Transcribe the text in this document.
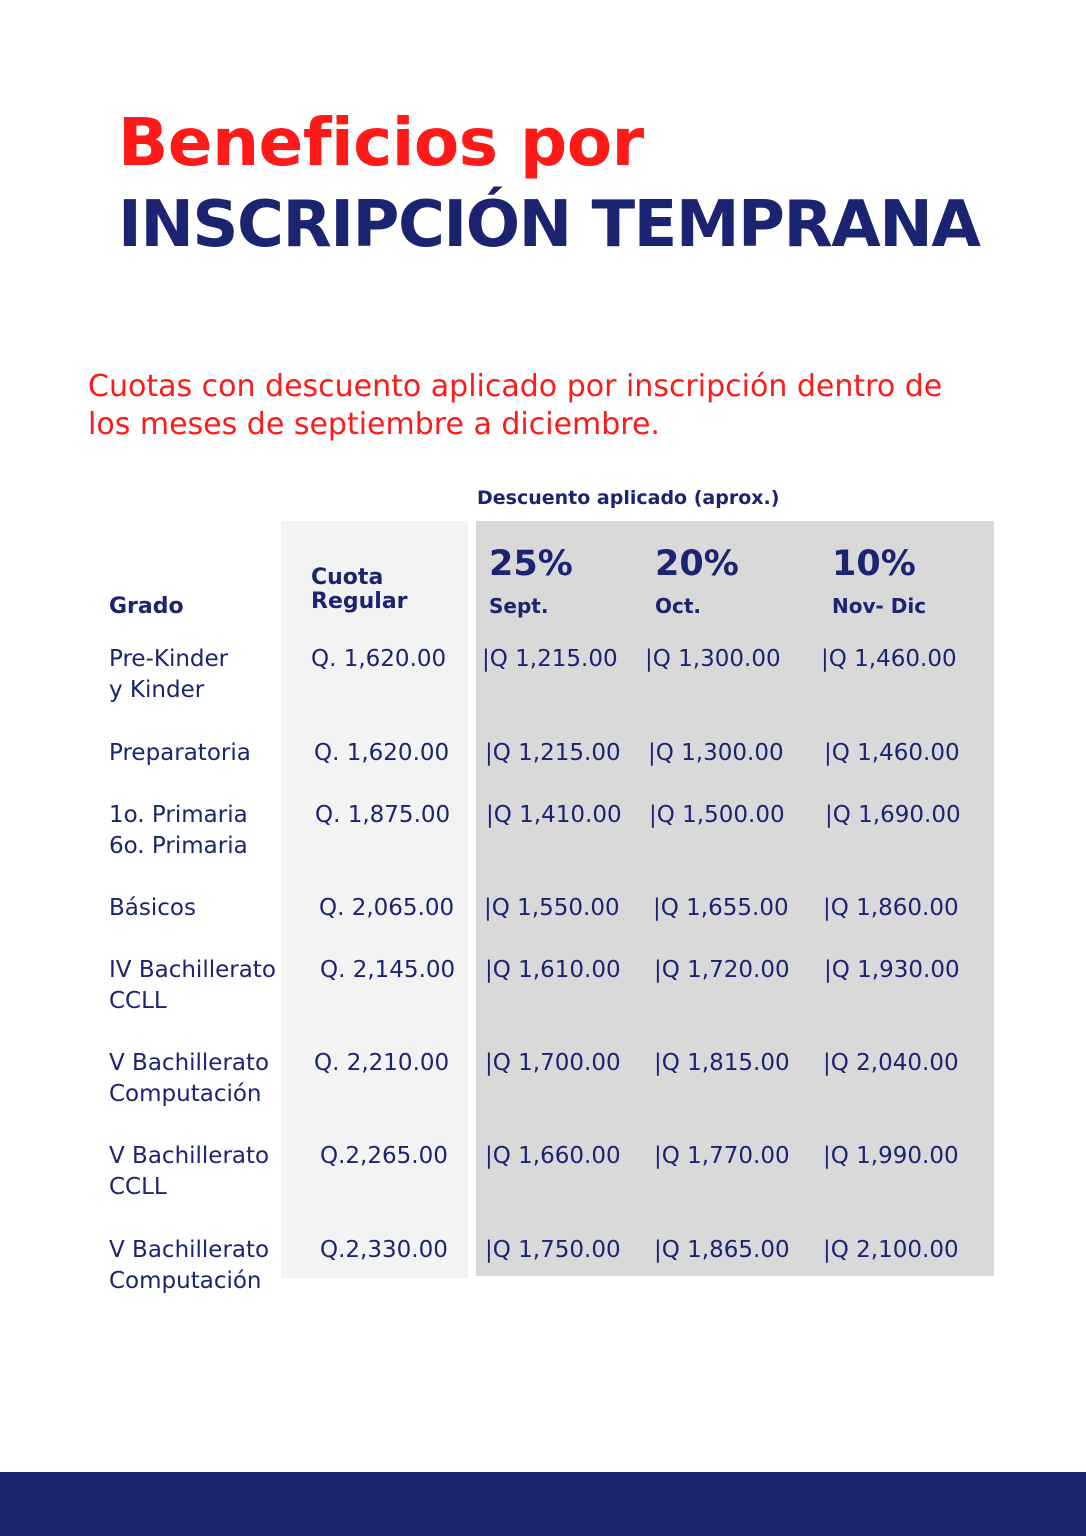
Beneficios por
INSCRIPCIÓN TEMPRANA
Cuotas con descuento aplicado por inscripción dentro de los meses de septiembre a diciembre.
Descuento aplicado (aprox.)
Grado
Cuota
Regular
25%
Sept.
20%
Oct.
10%
Nov- Dic
Pre-Kinder
y Kinder
Q. 1,620.00 |Q 1,215.00 |Q 1,300.00 |Q 1,460.00
Preparatoria	Q. 1,620.00 |Q 1,215.00 |Q 1,300.00 |Q 1,460.00
1o. Primaria
6o. Primaria
Q. 1,875.00 |Q 1,410.00 |Q 1,500.00 |Q 1,690.00
Básicos	Q. 2,065.00 |Q 1,550.00 |Q 1,655.00 |Q 1,860.00
IV Bachillerato
CCLL
Q. 2,145.00 |Q 1,610.00 |Q 1,720.00 |Q 1,930.00
V Bachillerato
Computación
Q. 2,210.00 |Q 1,700.00 |Q 1,815.00 |Q 2,040.00
V Bachillerato
CCLL
Q.2,265.00 |Q 1,660.00 |Q 1,770.00 |Q 1,990.00
V Bachillerato
Computación
Q.2,330.00 |Q 1,750.00 |Q 1,865.00 |Q 2,100.00
